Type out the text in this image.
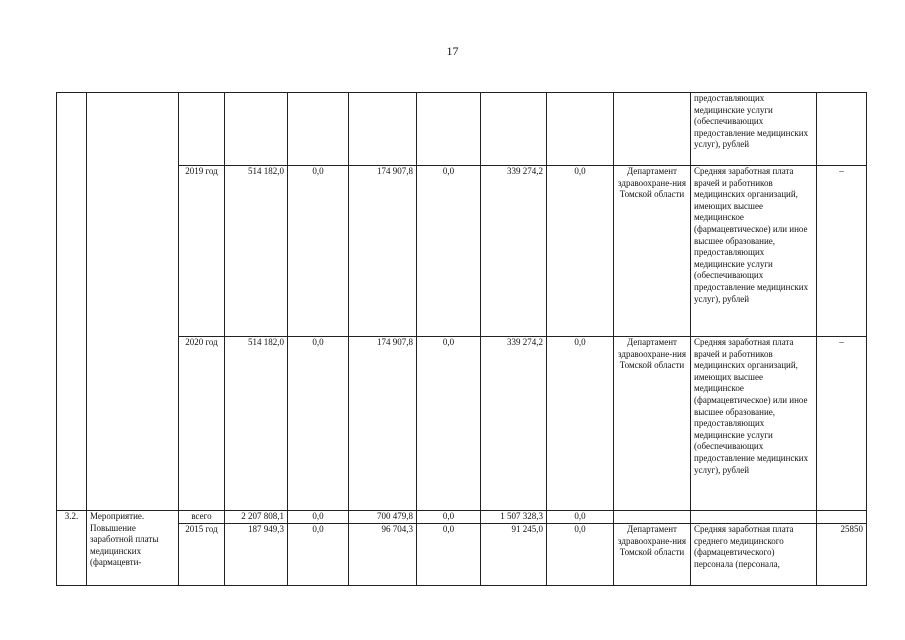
17
										предоставляющих медицинские услуги (обеспечивающих предоставление медицинских услуг), рублей	
		2019 год	514 182,0	0,0	174 907,8	0,0	339 274,2	0,0	Департамент здравоохране-ния Томской области	Средняя заработная плата врачей и работников медицинских организаций, имеющих высшее медицинское (фармацевтическое) или иное высшее образование, предоставляющих медицинские услуги (обеспечивающих предоставление медицинских услуг), рублей	–
		2020 год	514 182,0	0,0	174 907,8	0,0	339 274,2	0,0	Департамент здравоохране-ния Томской области	Средняя заработная плата врачей и работников медицинских организаций, имеющих высшее медицинское (фармацевтическое) или иное высшее образование, предоставляющих медицинские услуги (обеспечивающих предоставление медицинских услуг), рублей	–
3.2.	Мероприятие. Повышение заработной платы медицинских (фармацевти-	всего	2 207 808,1	0,0	700 479,8	0,0	1 507 328,3	0,0			
		2015 год	187 949,3	0,0	96 704,3	0,0	91 245,0	0,0	Департамент здравоохране-ния Томской области	Средняя заработная плата среднего медицинского (фармацевтического) персонала (персонала,	25850
